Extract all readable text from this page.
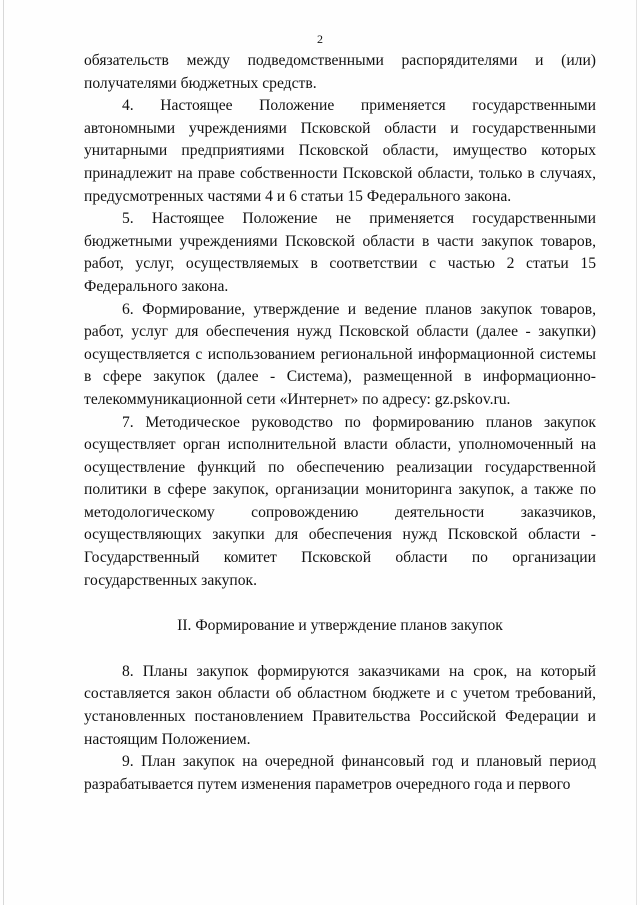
2

обязательств между подведомственными распорядителями и (или) получателями бюджетных средств.

4. Настоящее Положение применяется государственными автономными учреждениями Псковской области и государственными унитарными предприятиями Псковской области, имущество которых принадлежит на праве собственности Псковской области, только в случаях, предусмотренных частями 4 и 6 статьи 15 Федерального закона.

5. Настоящее Положение не применяется государственными бюджетными учреждениями Псковской области в части закупок товаров, работ, услуг, осуществляемых в соответствии с частью 2 статьи 15 Федерального закона.

6. Формирование, утверждение и ведение планов закупок товаров, работ, услуг для обеспечения нужд Псковской области (далее - закупки) осуществляется с использованием региональной информационной системы в сфере закупок (далее - Система), размещенной в информационно-телекоммуникационной сети «Интернет» по адресу: gz.pskov.ru.

7. Методическое руководство по формированию планов закупок осуществляет орган исполнительной власти области, уполномоченный на осуществление функций по обеспечению реализации государственной политики в сфере закупок, организации мониторинга закупок, а также по методологическому сопровождению деятельности заказчиков, осуществляющих закупки для обеспечения нужд Псковской области - Государственный комитет Псковской области по организации государственных закупок.

II. Формирование и утверждение планов закупок

8. Планы закупок формируются заказчиками на срок, на который составляется закон области об областном бюджете и с учетом требований, установленных постановлением Правительства Российской Федерации и настоящим Положением.

9. План закупок на очередной финансовый год и плановый период разрабатывается путем изменения параметров очередного года и первого
